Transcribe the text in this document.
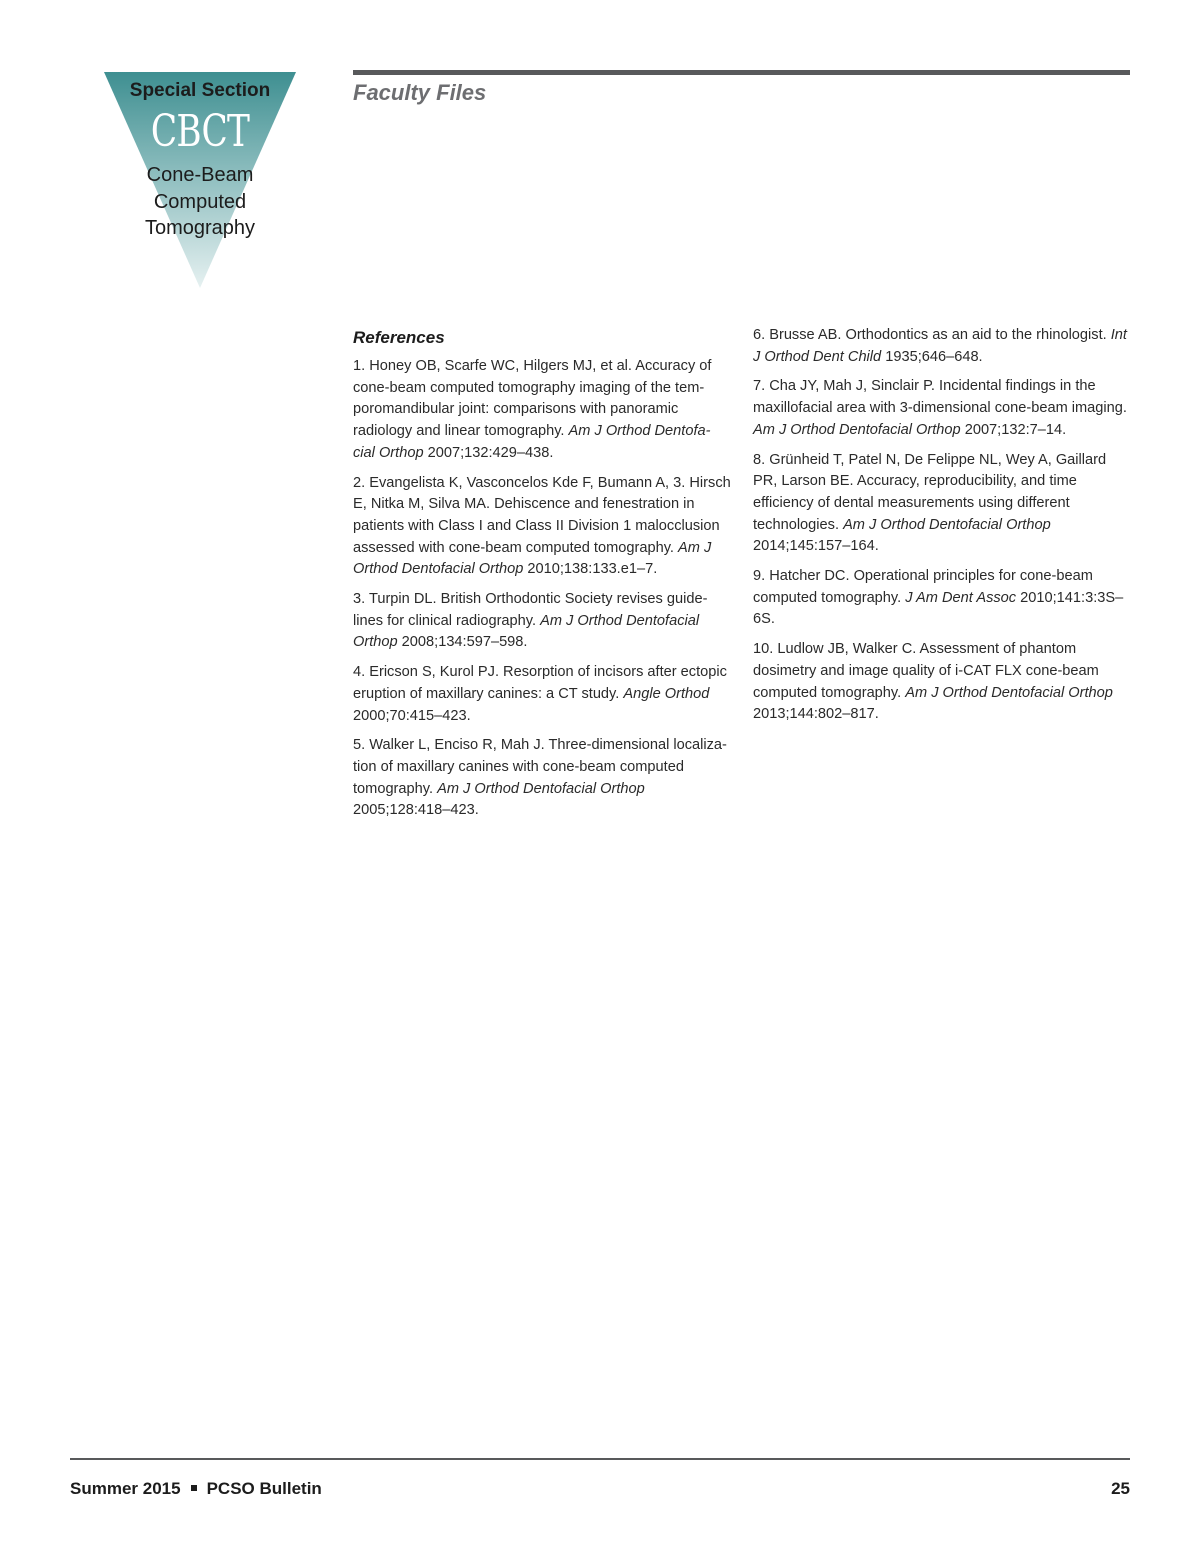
Special Section
CBCT
Cone-Beam
Computed
Tomography
Faculty Files
References

1. Honey OB, Scarfe WC, Hilgers MJ, et al. Accuracy of cone-beam computed tomography imaging of the tem-poromandibular joint: comparisons with panoramic radiology and linear tomography. Am J Orthod Dentofa-cial Orthop 2007;132:429–438.

2. Evangelista K, Vasconcelos Kde F, Bumann A, 3. Hirsch E, Nitka M, Silva MA. Dehiscence and fenestration in patients with Class I and Class II Division 1 malocclusion assessed with cone-beam computed tomography. Am J Orthod Dentofacial Orthop 2010;138:133.e1–7.

3. Turpin DL. British Orthodontic Society revises guide-lines for clinical radiography. Am J Orthod Dentofacial Orthop 2008;134:597–598.

4. Ericson S, Kurol PJ. Resorption of incisors after ectopic eruption of maxillary canines: a CT study. Angle Orthod 2000;70:415–423.

5. Walker L, Enciso R, Mah J. Three-dimensional localiza-tion of maxillary canines with cone-beam computed tomography. Am J Orthod Dentofacial Orthop 2005;128:418–423.

6. Brusse AB. Orthodontics as an aid to the rhinologist. Int J Orthod Dent Child 1935;646–648.

7. Cha JY, Mah J, Sinclair P. Incidental findings in the maxillofacial area with 3-dimensional cone-beam imaging. Am J Orthod Dentofacial Orthop 2007;132:7–14.

8. Grünheid T, Patel N, De Felippe NL, Wey A, Gaillard PR, Larson BE. Accuracy, reproducibility, and time efficiency of dental measurements using different technologies. Am J Orthod Dentofacial Orthop 2014;145:157–164.

9. Hatcher DC. Operational principles for cone-beam computed tomography. J Am Dent Assoc 2010;141:3:3S–6S.

10. Ludlow JB, Walker C. Assessment of phantom dosimetry and image quality of i-CAT FLX cone-beam computed tomography. Am J Orthod Dentofacial Orthop 2013;144:802–817.

Summer 2015 PCSO Bulletin	25
